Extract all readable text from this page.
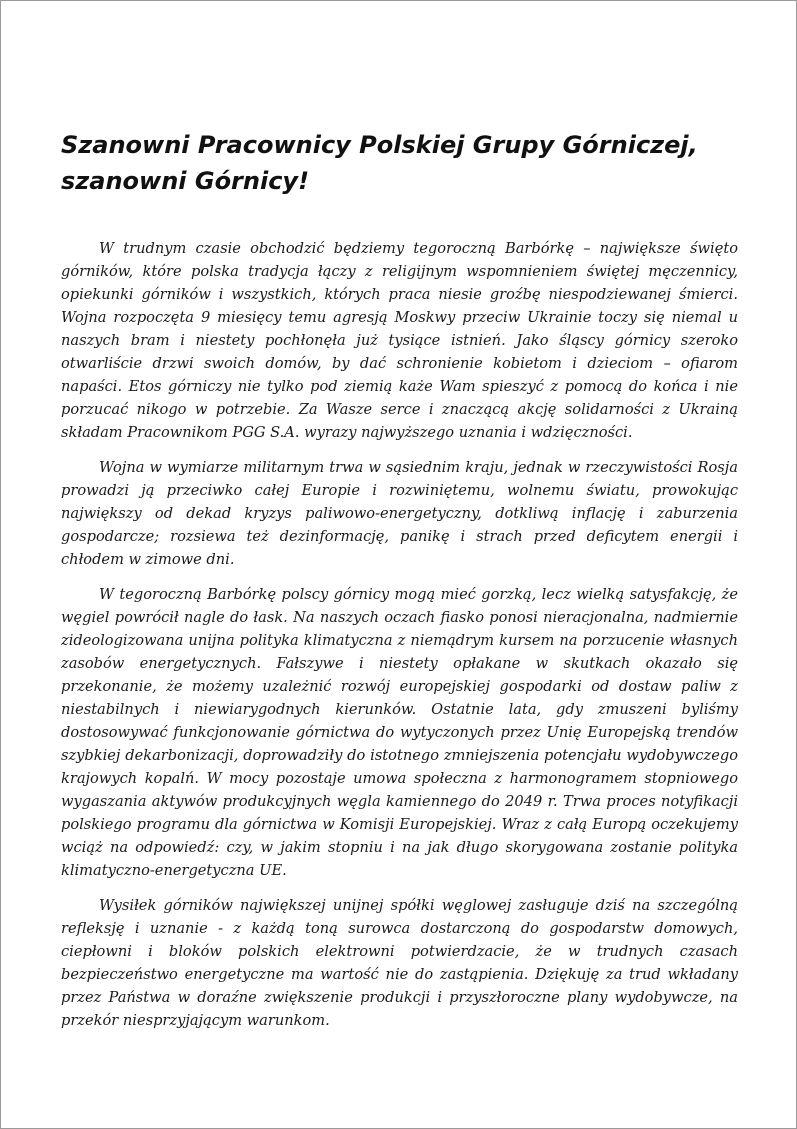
Szanowni Pracownicy Polskiej Grupy Górniczej,
szanowni Górnicy!

W trudnym czasie obchodzić będziemy tegoroczną Barbórkę – największe święto górników, które polska tradycja łączy z religijnym wspomnieniem świętej męczennicy, opiekunki górników i wszystkich, których praca niesie groźbę niespodziewanej śmierci. Wojna rozpoczęta 9 miesięcy temu agresją Moskwy przeciw Ukrainie toczy się niemal u naszych bram i niestety pochłonęła już tysiące istnień. Jako śląscy górnicy szeroko otwarliście drzwi swoich domów, by dać schronienie kobietom i dzieciom – ofiarom napaści. Etos górniczy nie tylko pod ziemią każe Wam spieszyć z pomocą do końca i nie porzucać nikogo w potrzebie. Za Wasze serce i znaczącą akcję solidarności z Ukrainą składam Pracownikom PGG S.A. wyrazy najwyższego uznania i wdzięczności.

Wojna w wymiarze militarnym trwa w sąsiednim kraju, jednak w rzeczywistości Rosja prowadzi ją przeciwko całej Europie i rozwiniętemu, wolnemu światu, prowokując największy od dekad kryzys paliwowo-energetyczny, dotkliwą inflację i zaburzenia gospodarcze; rozsiewa też dezinformację, panikę i strach przed deficytem energii i chłodem w zimowe dni.

W tegoroczną Barbórkę polscy górnicy mogą mieć gorzką, lecz wielką satysfakcję, że węgiel powrócił nagle do łask. Na naszych oczach fiasko ponosi nieracjonalna, nadmiernie zideologizowana unijna polityka klimatyczna z niemądrym kursem na porzucenie własnych zasobów energetycznych. Fałszywe i niestety opłakane w skutkach okazało się przekonanie, że możemy uzależnić rozwój europejskiej gospodarki od dostaw paliw z niestabilnych i niewiarygodnych kierunków. Ostatnie lata, gdy zmuszeni byliśmy dostosowywać funkcjonowanie górnictwa do wytyczonych przez Unię Europejską trendów szybkiej dekarbonizacji, doprowadziły do istotnego zmniejszenia potencjału wydobywczego krajowych kopalń. W mocy pozostaje umowa społeczna z harmonogramem stopniowego wygaszania aktywów produkcyjnych węgla kamiennego do 2049 r. Trwa proces notyfikacji polskiego programu dla górnictwa w Komisji Europejskiej. Wraz z całą Europą oczekujemy wciąż na odpowiedź: czy, w jakim stopniu i na jak długo skorygowana zostanie polityka klimatyczno-energetyczna UE.

Wysiłek górników największej unijnej spółki węglowej zasługuje dziś na szczególną refleksję i uznanie - z każdą toną surowca dostarczoną do gospodarstw domowych, ciepłowni i bloków polskich elektrowni potwierdzacie, że w trudnych czasach bezpieczeństwo energetyczne ma wartość nie do zastąpienia. Dziękuję za trud wkładany przez Państwa w doraźne zwiększenie produkcji i przyszłoroczne plany wydobywcze, na przekór niesprzyjającym warunkom.
